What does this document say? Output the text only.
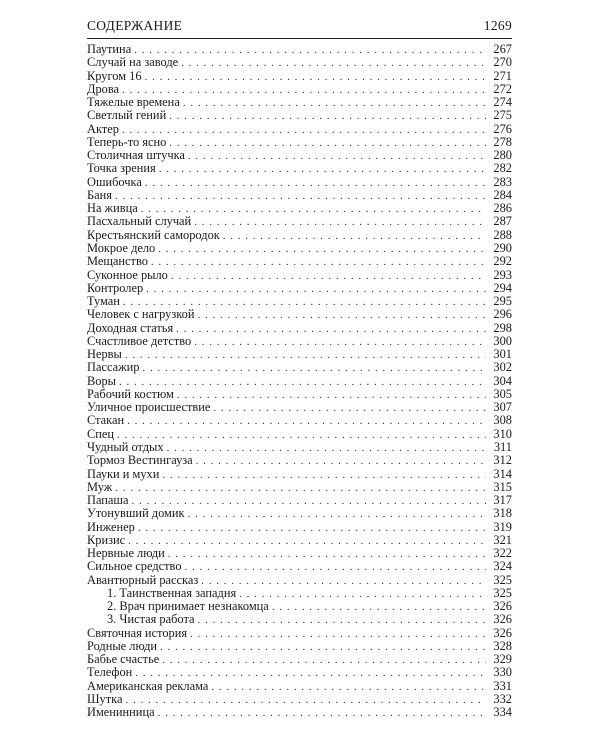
СОДЕРЖАНИЕ	1269
Паутина . . .	267
Случай на заводе . . .	270
Кругом 16 . . .	271
Дрова . . .	272
Тяжелые времена . . .	274
Светлый гений . . .	275
Актер . . .	276
Теперь-то ясно . . .	278
Столичная штучка . . .	280
Точка зрения . . .	282
Ошибочка . . .	283
Баня . . .	284
На живца . . .	286
Пасхальный случай . . .	287
Крестьянский самородок . . .	288
Мокрое дело . . .	290
Мещанство . . .	292
Суконное рыло . . .	293
Контролер . . .	294
Туман . . .	295
Человек с нагрузкой . . .	296
Доходная статья . . .	298
Счастливое детство . . .	300
Нервы . . .	301
Пассажир . . .	302
Воры . . .	304
Рабочий костюм . . .	305
Уличное происшествие . . .	307
Стакан . . .	308
Спец . . .	310
Чудный отдых . . .	311
Тормоз Вестингауза . . .	312
Пауки и мухи . . .	314
Муж . . .	315
Папаша . . .	317
Утонувший домик . . .	318
Инженер . . .	319
Кризис . . .	321
Нервные люди . . .	322
Сильное средство . . .	324
Авантюрный рассказ . . .	325
1. Таинственная западня . . .	325
2. Врач принимает незнакомца . . .	326
3. Чистая работа . . .	326
Святочная история . . .	326
Родные люди . . .	328
Бабье счастье . . .	329
Телефон . . .	330
Американская реклама . . .	331
Шутка . . .	332
Именинница . . .	334
